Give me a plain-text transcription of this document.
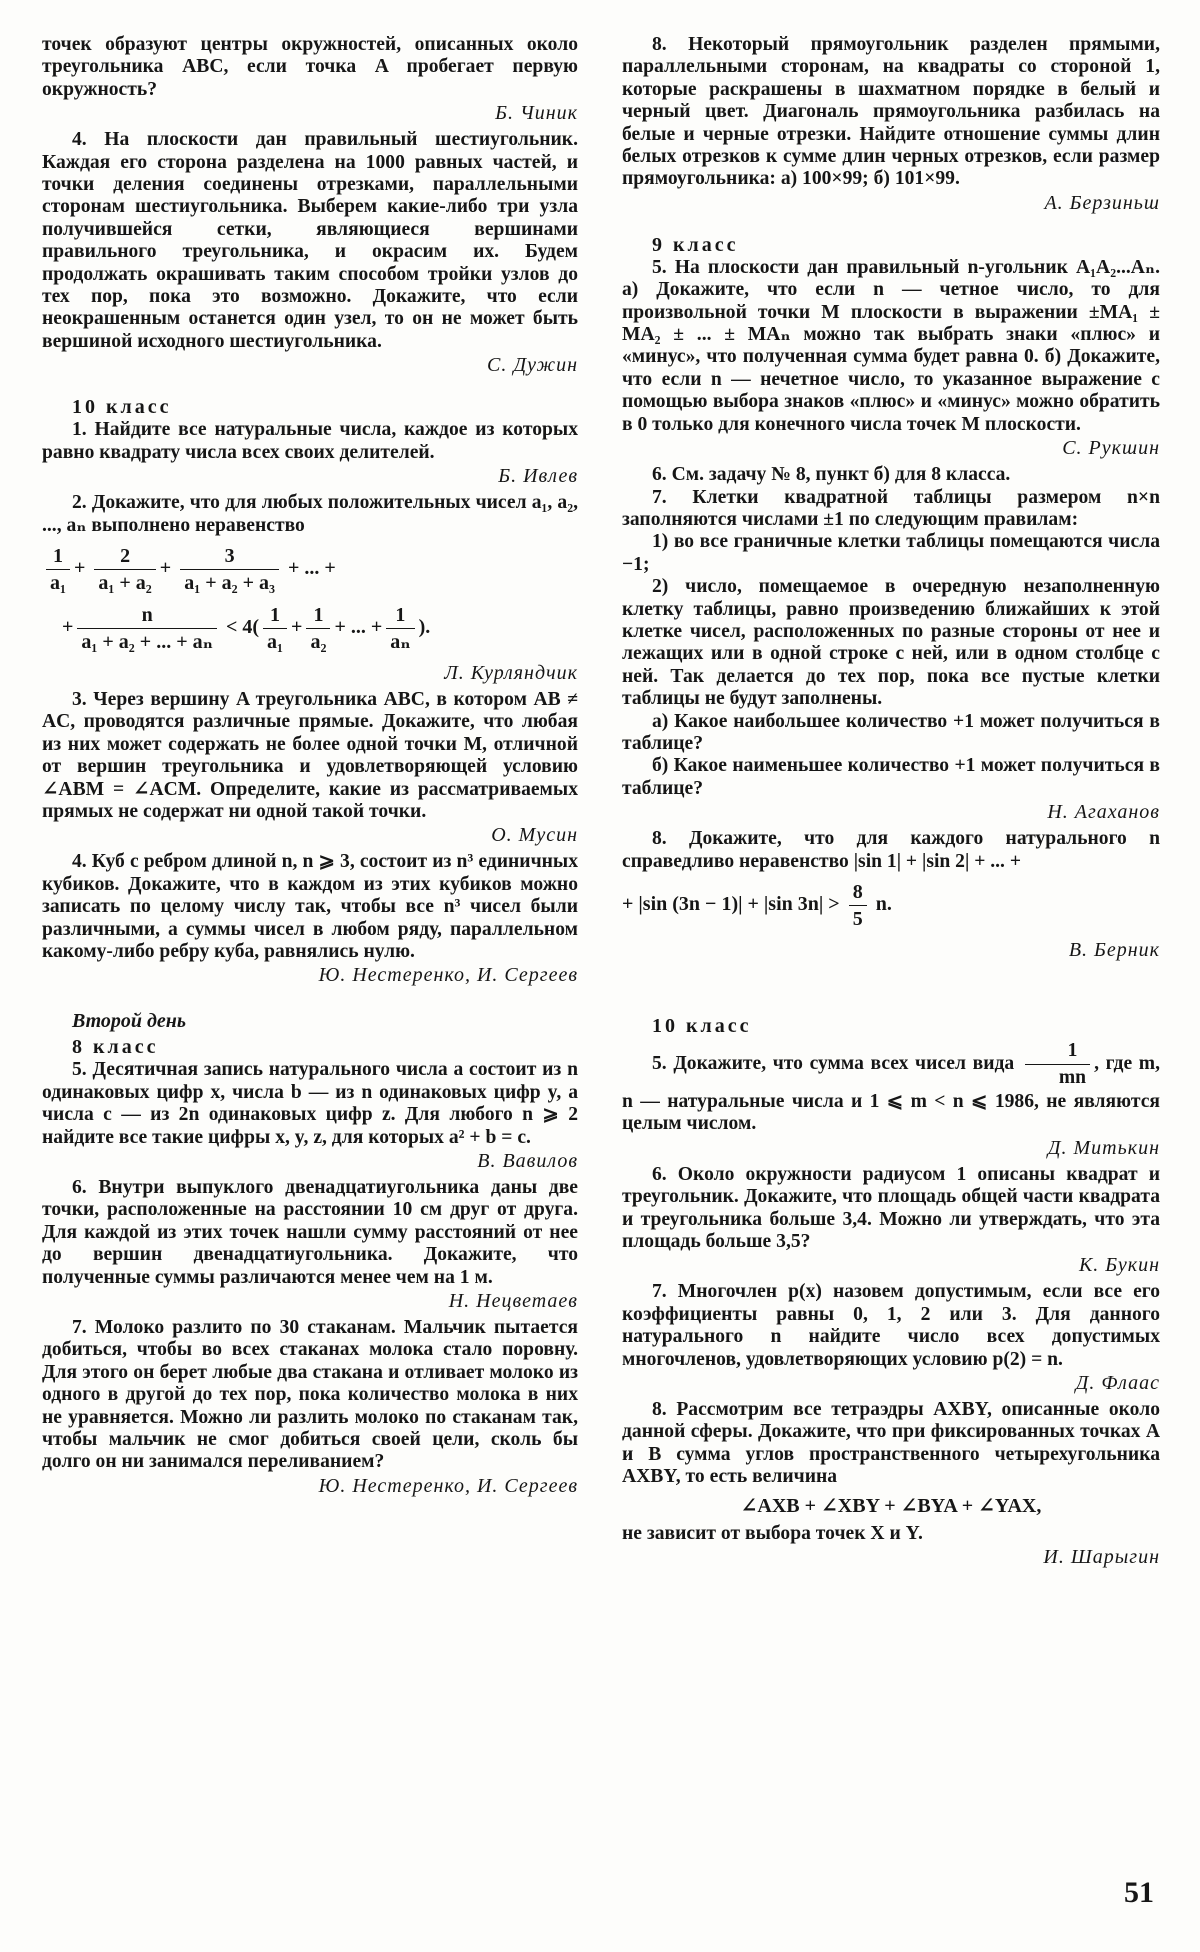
точек образуют центры окружностей, описанных около треугольника ABC, если точка A пробегает первую окружность?

Б. Чиник

4. На плоскости дан правильный шестиугольник. Каждая его сторона разделена на 1000 равных частей, и точки деления соединены отрезками, параллельными сторонам шестиугольника. Выберем какие-либо три узла получившейся сетки, являющиеся вершинами правильного треугольника, и окрасим их. Будем продолжать окрашивать таким способом тройки узлов до тех пор, пока это возможно. Докажите, что если неокрашенным останется один узел, то он не может быть вершиной исходного шестиугольника.

С. Дужин

10 класс

1. Найдите все натуральные числа, каждое из которых равно квадрату числа всех своих делителей.

Б. Ивлев

2. Докажите, что для любых положительных чисел a₁, a₂, ..., aₙ выполнено неравенство

$\frac{1}{\text{a₁}} + \frac{2}{\text{a₁ + a₂}} + \frac{3}{\text{a₁ + a₂ + a₃}}$ + ... +
+ $\frac{n}{\text{a₁ + a₂ + ... + aₙ}} < 4( \frac{1}{\text{a₁}} + \frac{1}{\text{a₂}}$ + ... + $\frac{1}{\text{aₙ}}$ ).

Л. Курляндчик

3. Через вершину A треугольника ABC, в котором AB ≠ AC, проводятся различные прямые. Докажите, что любая из них может содержать не более одной точки M, отличной от вершин треугольника и удовлетворяющей условию ∠ABM = ∠ACM. Определите, какие из рассматриваемых прямых не содержат ни одной такой точки.

О. Мусин

4. Куб с ребром длиной n, n ⩾ 3, состоит из n³ единичных кубиков. Докажите, что в каждом из этих кубиков можно записать по целому числу так, чтобы все n³ чисел были различными, а суммы чисел в любом ряду, параллельном какому-либо ребру куба, равнялись нулю.

Ю. Нестеренко, И. Сергеев

Второй день
8 класс

5. Десятичная запись натурального числа a состоит из n одинаковых цифр x, числа b — из n одинаковых цифр y, а числа c — из 2n одинаковых цифр z. Для любого n ⩾ 2 найдите все такие цифры x, y, z, для которых a² + b = c.

В. Вавилов

6. Внутри выпуклого двенадцатиугольника даны две точки, расположенные на расстоянии 10 см друг от друга. Для каждой из этих точек нашли сумму расстояний от нее до вершин двенадцатиугольника. Докажите, что полученные суммы различаются менее чем на 1 м.

Н. Нецветаев

7. Молоко разлито по 30 стаканам. Мальчик пытается добиться, чтобы во всех стаканах молока стало поровну. Для этого он берет любые два стакана и отливает молоко из одного в другой до тех пор, пока количество молока в них не уравняется. Можно ли разлить молоко по стаканам так, чтобы мальчик не смог добиться своей цели, сколь бы долго он ни занимался переливанием?

Ю. Нестеренко, И. Сергеев

8. Некоторый прямоугольник разделен прямыми, параллельными сторонам, на квадраты со стороной 1, которые раскрашены в шахматном порядке в белый и черный цвет. Диагональ прямоугольника разбилась на белые и черные отрезки. Найдите отношение суммы длин белых отрезков к сумме длин черных отрезков, если размер прямоугольника: а) 100×99; б) 101×99.

А. Берзиньш

9 класс

5. На плоскости дан правильный n-угольник A₁A₂...Aₙ. а) Докажите, что если n — четное число, то для произвольной точки M плоскости в выражении ±MA₁ ± MA₂ ± ... ± MAₙ можно так выбрать знаки «плюс» и «минус», что полученная сумма будет равна 0. б) Докажите, что если n — нечетное число, то указанное выражение с помощью выбора знаков «плюс» и «минус» можно обратить в 0 только для конечного числа точек M плоскости.

С. Рукшин

6. См. задачу № 8, пункт б) для 8 класса.

7. Клетки квадратной таблицы размером n×n заполняются числами ±1 по следующим правилам:

1) во все граничные клетки таблицы помещаются числа −1;

2) число, помещаемое в очередную незаполненную клетку таблицы, равно произведению ближайших к этой клетке чисел, расположенных по разные стороны от нее и лежащих или в одной строке с ней, или в одном столбце с ней. Так делается до тех пор, пока все пустые клетки таблицы не будут заполнены.

а) Какое наибольшее количество +1 может получиться в таблице?

б) Какое наименьшее количество +1 может получиться в таблице?

Н. Агаханов

8. Докажите, что для каждого натурального n справедливо неравенство |sin 1| + |sin 2| + ... +

+ |sin (3n − 1)| + |sin $3n| > \frac{8}{5} n$.

В. Берник

10 класс

5. Докажите, что сумма всех чисел вида $\frac{1}{mn}$ , где m, n — натуральные числа и 1 ⩽ m < n ⩽ 1986, не являются целым числом.

Д. Митькин

6. Около окружности радиусом 1 описаны квадрат и треугольник. Докажите, что площадь общей части квадрата и треугольника больше 3,4. Можно ли утверждать, что эта площадь больше 3,5?

К. Букин

7. Многочлен p(x) назовем допустимым, если все его коэффициенты равны 0, 1, 2 или 3. Для данного натурального n найдите число всех допустимых многочленов, удовлетворяющих условию p(2) = n.

Д. Флаас

8. Рассмотрим все тетраэдры AXBY, описанные около данной сферы. Докажите, что при фиксированных точках A и B сумма углов пространственного четырехугольника AXBY, то есть величина

∠AXB + ∠XBY + ∠BYA + ∠YAX,

не зависит от выбора точек X и Y.

И. Шарыгин

51
